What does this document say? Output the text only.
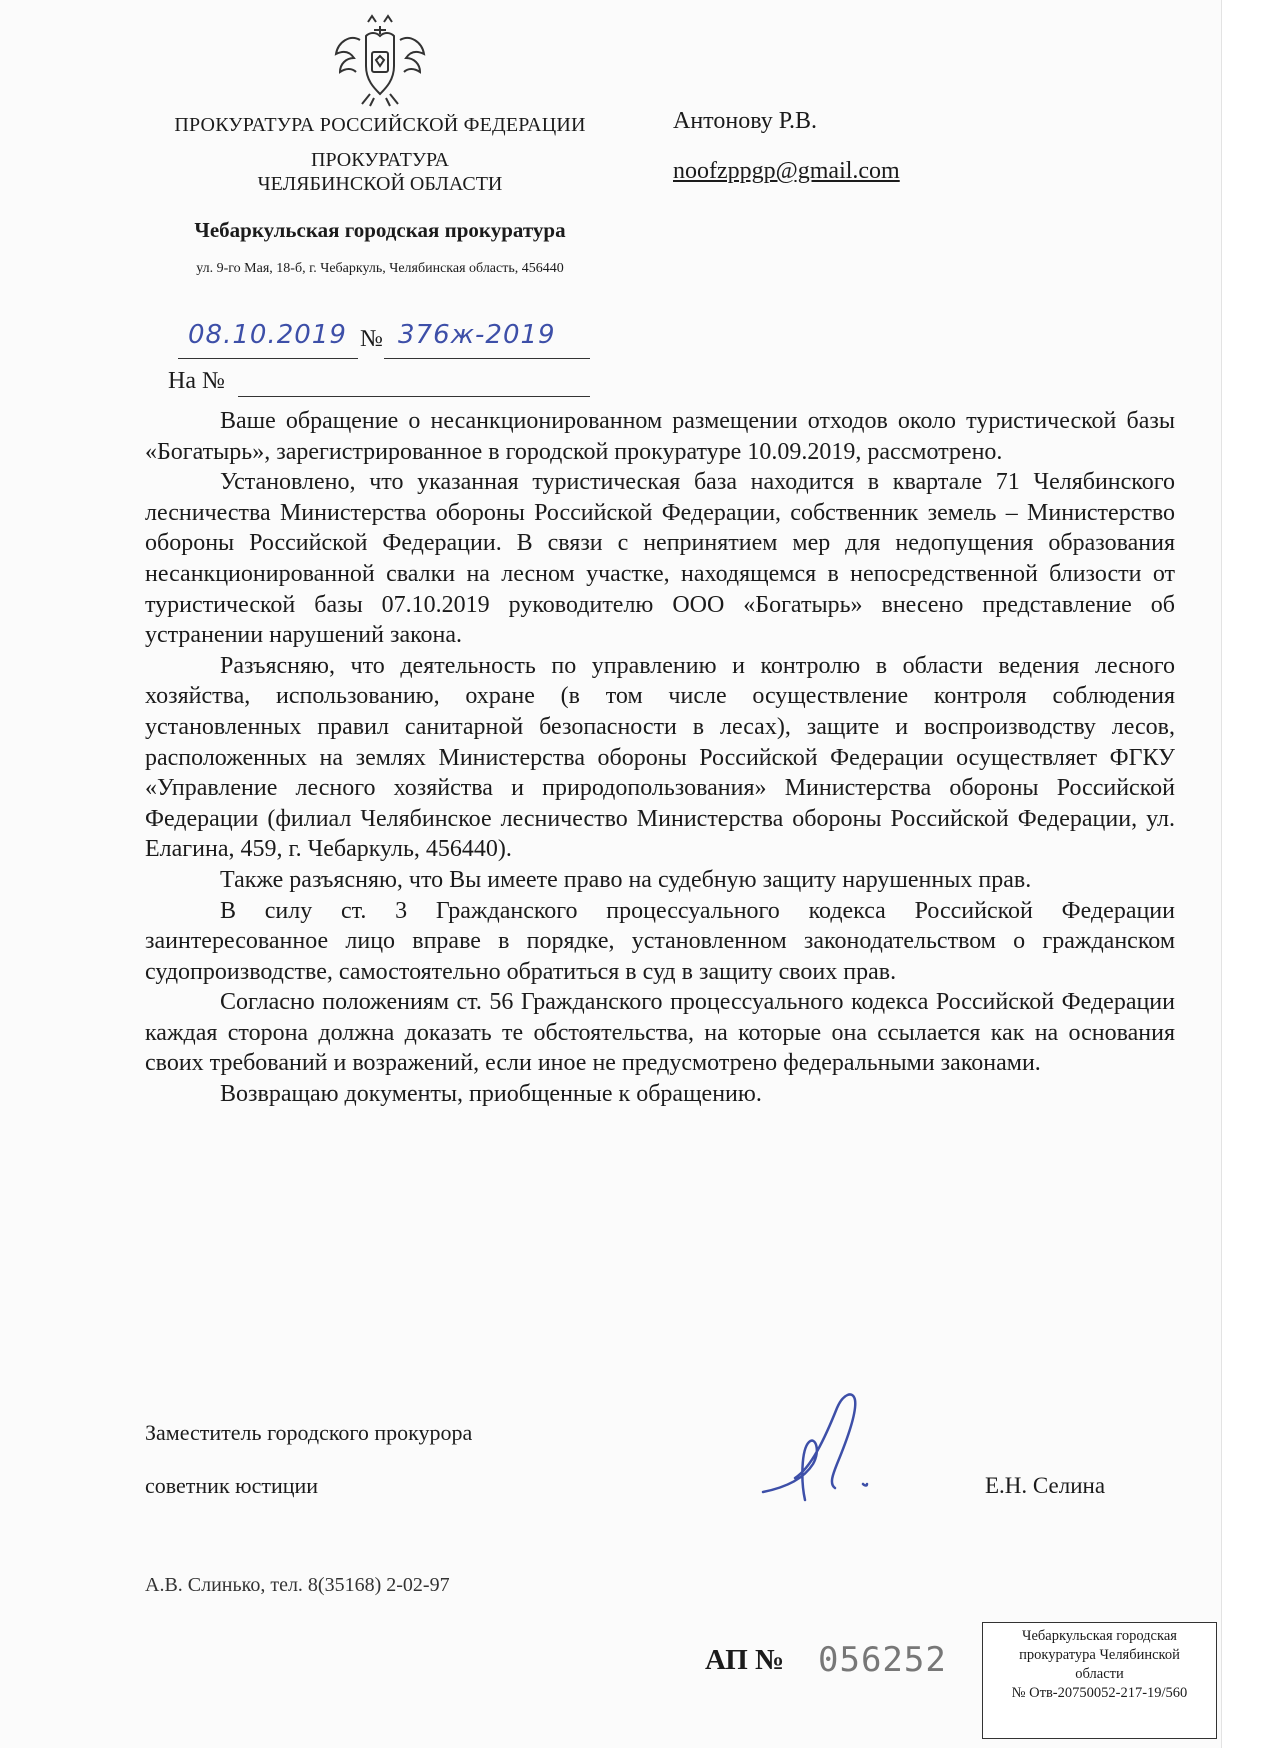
ПРОКУРАТУРА РОССИЙСКОЙ ФЕДЕРАЦИИ
ПРОКУРАТУРА
ЧЕЛЯБИНСКОЙ ОБЛАСТИ
Чебаркульская городская прокуратура
ул. 9-го Мая, 18-б, г. Чебаркуль, Челябинская область, 456440
Антонову Р.В.
noofzppgp@gmail.com
08.10.2019 № 376ж-2019
На №

Ваше обращение о несанкционированном размещении отходов около туристической базы «Богатырь», зарегистрированное в городской прокуратуре 10.09.2019, рассмотрено.

Установлено, что указанная туристическая база находится в квартале 71 Челябинского лесничества Министерства обороны Российской Федерации, собственник земель – Министерство обороны Российской Федерации. В связи с непринятием мер для недопущения образования несанкционированной свалки на лесном участке, находящемся в непосредственной близости от туристической базы 07.10.2019 руководителю ООО «Богатырь» внесено представление об устранении нарушений закона.

Разъясняю, что деятельность по управлению и контролю в области ведения лесного хозяйства, использованию, охране (в том числе осуществление контроля соблюдения установленных правил санитарной безопасности в лесах), защите и воспроизводству лесов, расположенных на землях Министерства обороны Российской Федерации осуществляет ФГКУ «Управление лесного хозяйства и природопользования» Министерства обороны Российской Федерации (филиал Челябинское лесничество Министерства обороны Российской Федерации, ул. Елагина, 459, г. Чебаркуль, 456440).

Также разъясняю, что Вы имеете право на судебную защиту нарушенных прав.

В силу ст. 3 Гражданского процессуального кодекса Российской Федерации заинтересованное лицо вправе в порядке, установленном законодательством о гражданском судопроизводстве, самостоятельно обратиться в суд в защиту своих прав.

Согласно положениям ст. 56 Гражданского процессуального кодекса Российской Федерации каждая сторона должна доказать те обстоятельства, на которые она ссылается как на основания своих требований и возражений, если иное не предусмотрено федеральными законами.

Возвращаю документы, приобщенные к обращению.

Заместитель городского прокурора
советник юстиции	Е.Н. Селина
А.В. Слинько, тел. 8(35168) 2-02-97
АП № 056252
Чебаркульская городская
прокуратура Челябинской
области
№ Отв-20750052-217-19/560
